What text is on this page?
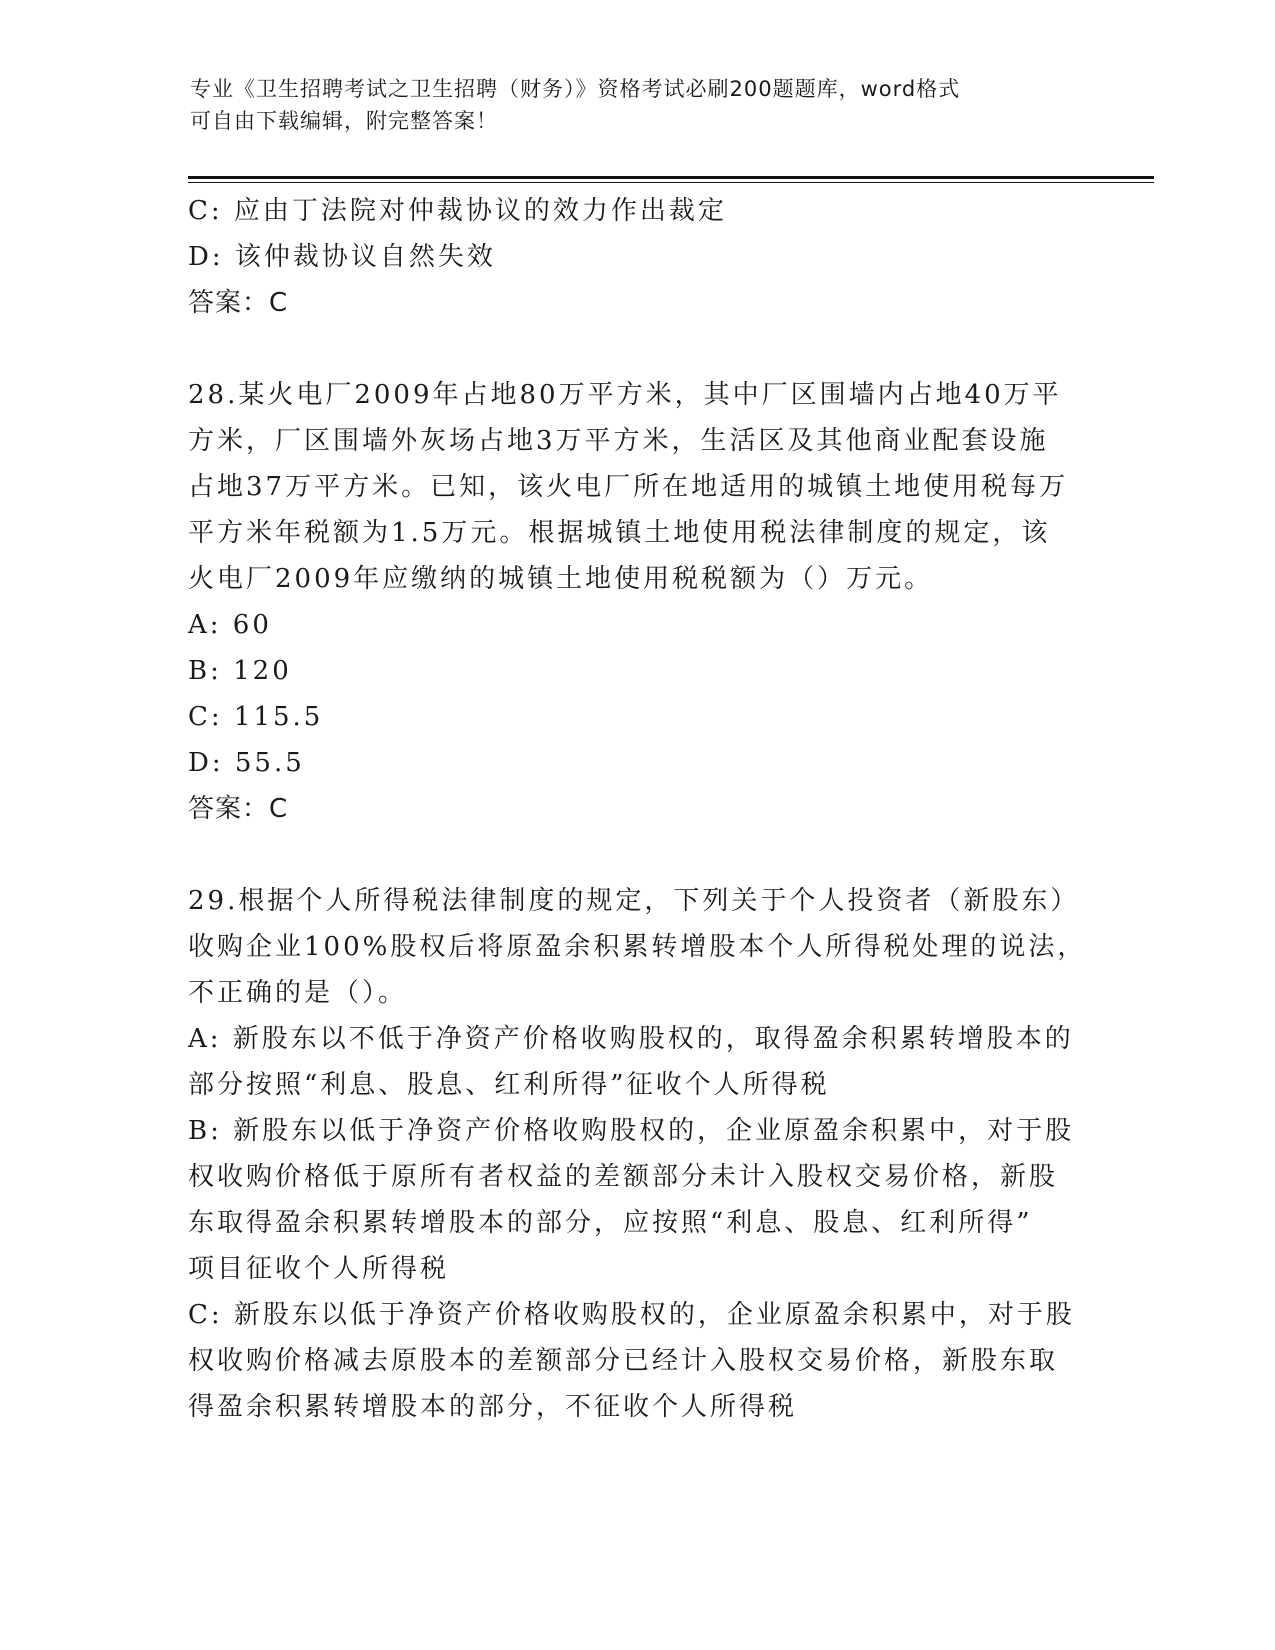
专业《卫生招聘考试之卫生招聘（财务）》资格考试必刷200题题库，word格式
可自由下载编辑，附完整答案！
C: 应由丁法院对仲裁协议的效力作出裁定
D: 该仲裁协议自然失效
答案：C
28.某火电厂2009年占地80万平方米，其中厂区围墙内占地40万平
方米，厂区围墙外灰场占地3万平方米，生活区及其他商业配套设施
占地37万平方米。已知，该火电厂所在地适用的城镇土地使用税每万
平方米年税额为1.5万元。根据城镇土地使用税法律制度的规定，该
火电厂2009年应缴纳的城镇土地使用税税额为（）万元。
A: 60
B: 120
C: 115.5
D: 55.5
答案：C
29.根据个人所得税法律制度的规定，下列关于个人投资者（新股东）
收购企业100%股权后将原盈余积累转增股本个人所得税处理的说法，
不正确的是（）。
A: 新股东以不低于净资产价格收购股权的，取得盈余积累转增股本的
部分按照“利息、股息、红利所得”征收个人所得税
B: 新股东以低于净资产价格收购股权的，企业原盈余积累中，对于股
权收购价格低于原所有者权益的差额部分未计入股权交易价格，新股
东取得盈余积累转增股本的部分，应按照“利息、股息、红利所得”
项目征收个人所得税
C: 新股东以低于净资产价格收购股权的，企业原盈余积累中，对于股
权收购价格减去原股本的差额部分已经计入股权交易价格，新股东取
得盈余积累转增股本的部分，不征收个人所得税
